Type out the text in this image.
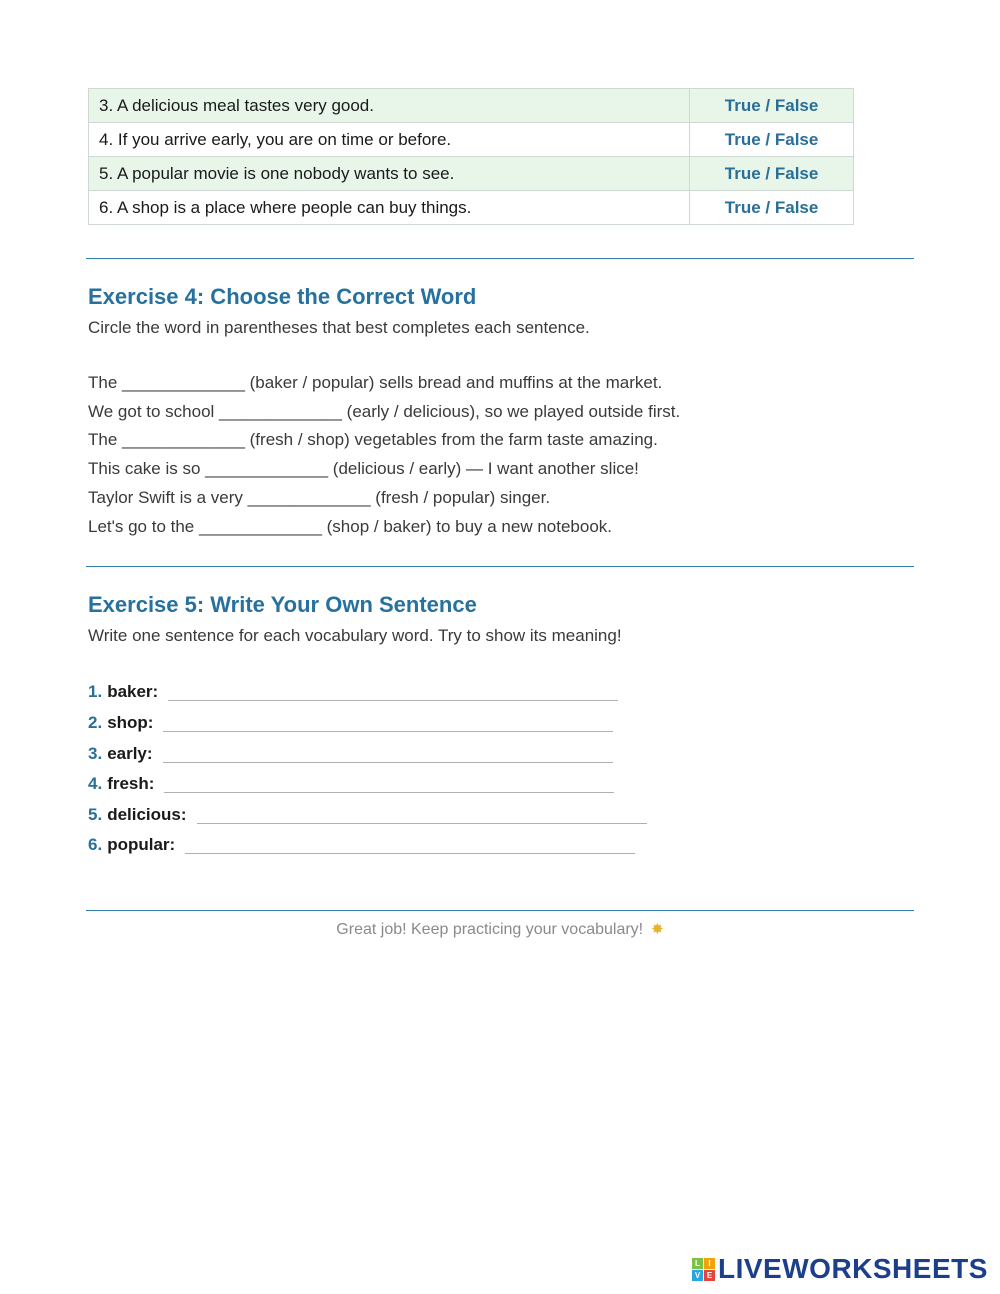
3. A delicious meal tastes very good.	True / False
4. If you arrive early, you are on time or before.	True / False
5. A popular movie is one nobody wants to see.	True / False
6. A shop is a place where people can buy things.	True / False
Exercise 4: Choose the Correct Word

Circle the word in parentheses that best completes each sentence.

The _____________ (baker / popular) sells bread and muffins at the market.
We got to school _____________ (early / delicious), so we played outside first.
The _____________ (fresh / shop) vegetables from the farm taste amazing.
This cake is so _____________ (delicious / early) — I want another slice!
Taylor Swift is a very _____________ (fresh / popular) singer.
Let's go to the _____________ (shop / baker) to buy a new notebook.
Exercise 5: Write Your Own Sentence

Write one sentence for each vocabulary word. Try to show its meaning!

1. baker:
2. shop:
3. early:
4. fresh:
5. delicious:
6. popular:
Great job! Keep practicing your vocabulary! ✸
L	I
V E LIVEWORKSHEETS
